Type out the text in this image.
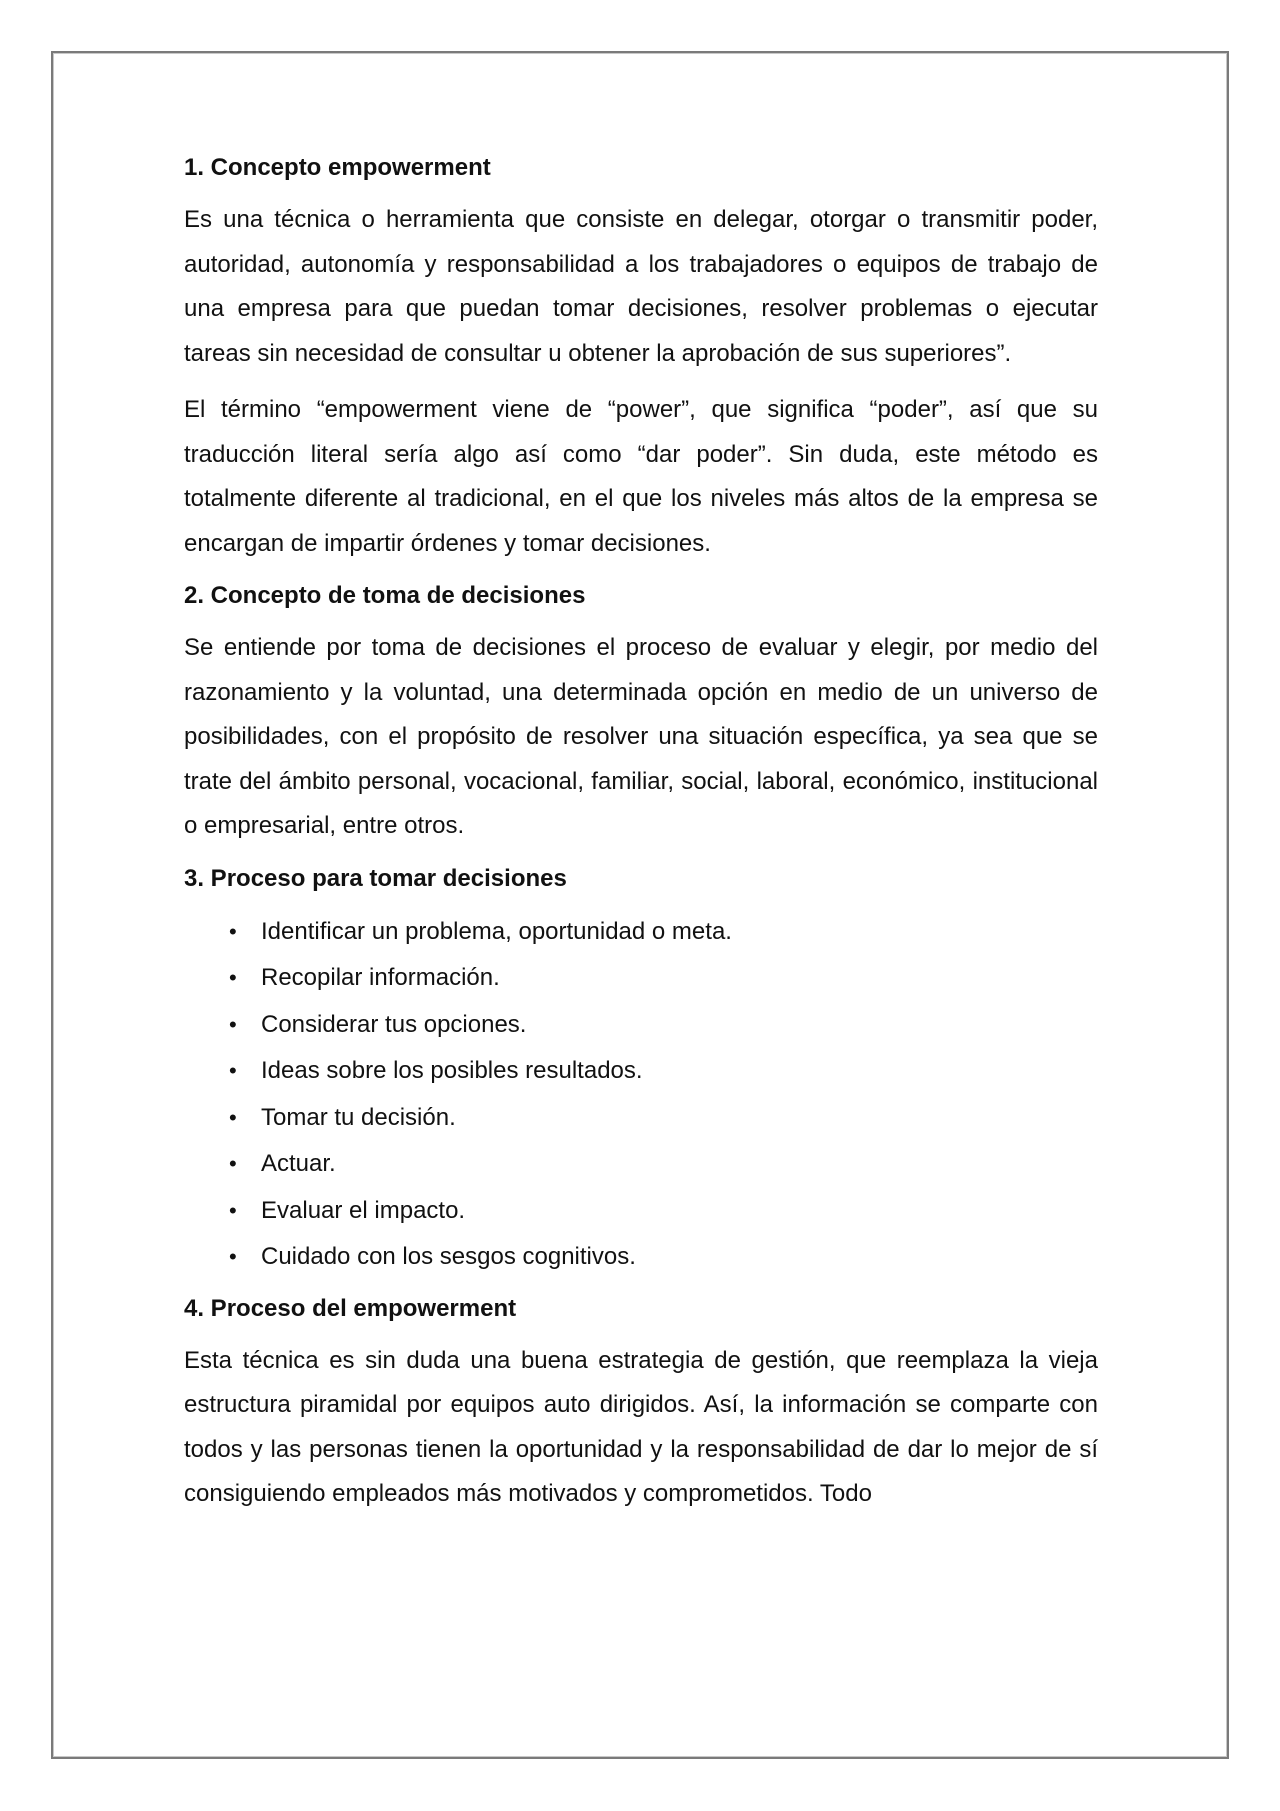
1. Concepto empowerment

Es una técnica o herramienta que consiste en delegar, otorgar o transmitir poder, autoridad, autonomía y responsabilidad a los trabajadores o equipos de trabajo de una empresa para que puedan tomar decisiones, resolver problemas o ejecutar tareas sin necesidad de consultar u obtener la aprobación de sus superiores”.

El término “empowerment viene de “power”, que significa “poder”, así que su traducción literal sería algo así como “dar poder”. Sin duda, este método es totalmente diferente al tradicional, en el que los niveles más altos de la empresa se encargan de impartir órdenes y tomar decisiones.

2. Concepto de toma de decisiones

Se entiende por toma de decisiones el proceso de evaluar y elegir, por medio del razonamiento y la voluntad, una determinada opción en medio de un universo de posibilidades, con el propósito de resolver una situación específica, ya sea que se trate del ámbito personal, vocacional, familiar, social, laboral, económico, institucional o empresarial, entre otros.

3. Proceso para tomar decisiones
• Identificar un problema, oportunidad o meta.
• Recopilar información.
• Considerar tus opciones.
• Ideas sobre los posibles resultados.
• Tomar tu decisión.
• Actuar.
• Evaluar el impacto.
• Cuidado con los sesgos cognitivos.
4. Proceso del empowerment

Esta técnica es sin duda una buena estrategia de gestión, que reemplaza la vieja estructura piramidal por equipos auto dirigidos. Así, la información se comparte con todos y las personas tienen la oportunidad y la responsabilidad de dar lo mejor de sí consiguiendo empleados más motivados y comprometidos. Todo
